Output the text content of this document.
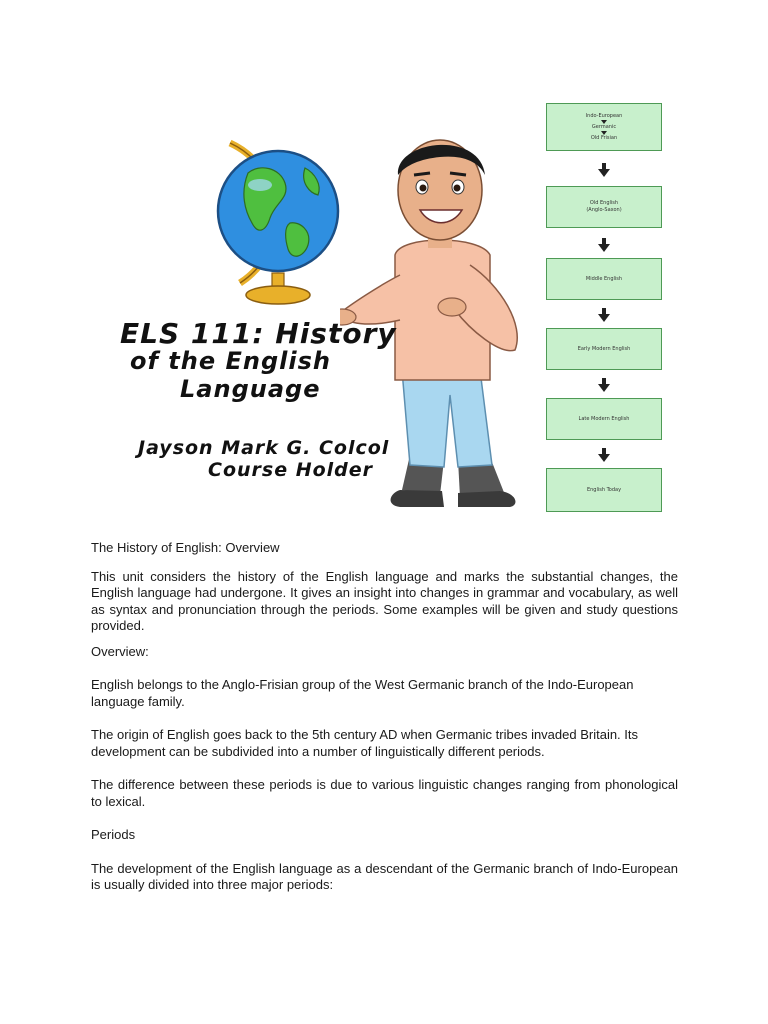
ELS 111: History
of the English
Language
Jayson Mark G. Colcol
Course Holder
Indo-European
Germanic
Old Frisian
Old English
(Anglo-Saxon)
Middle English
Early Modern English
Late Modern English
English Today

The History of English: Overview

This unit considers the history of the English language and marks the substantial changes, the English language had undergone. It gives an insight into changes in grammar and vocabulary, as well as syntax and pronunciation through the periods. Some examples will be given and study questions provided.

Overview:

English belongs to the Anglo-Frisian group of the West Germanic branch of the Indo-European language family.

The origin of English goes back to the 5th century AD when Germanic tribes invaded Britain. Its development can be subdivided into a number of linguistically different periods.

The difference between these periods is due to various linguistic changes ranging from phonological to lexical.

Periods

The development of the English language as a descendant of the Germanic branch of Indo-European is usually divided into three major periods:
